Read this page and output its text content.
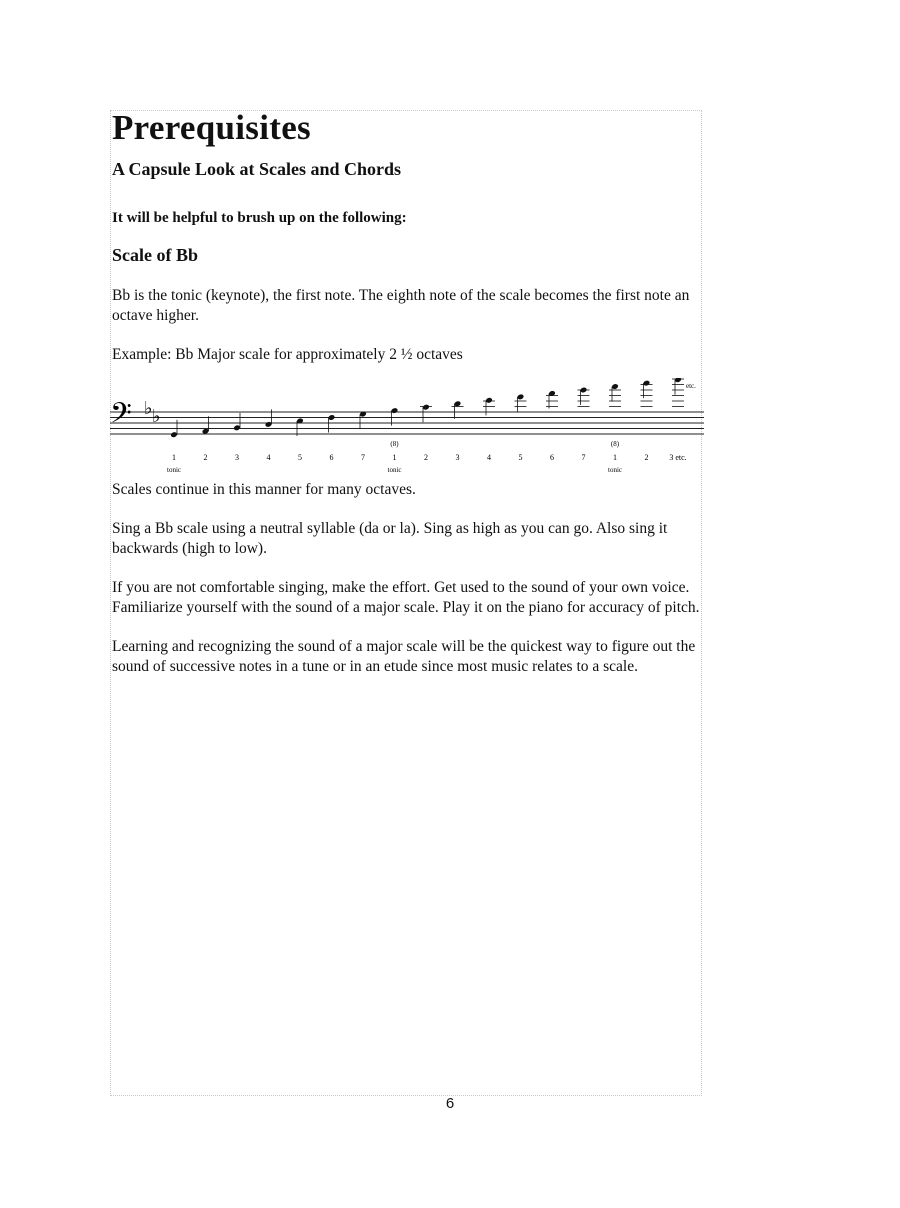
Prerequisites
A Capsule Look at Scales and Chords
It will be helpful to brush up on the following:
Scale of Bb

Bb is the tonic (keynote), the first note. The eighth note of the scale becomes the first note an octave higher.

Example: Bb Major scale for approximately 2 ½ octaves

𝄢 ♭ ♭
etc.
1	2	3	4	5	6	7	1	2	3	4	5	6	7	1	2	3 etc.
tonic	tonic	tonic
(8)	(8)

Scales continue in this manner for many octaves.

Sing a Bb scale using a neutral syllable (da or la). Sing as high as you can go. Also sing it backwards (high to low).

If you are not comfortable singing, make the effort. Get used to the sound of your own voice. Familiarize yourself with the sound of a major scale. Play it on the piano for accuracy of pitch.

Learning and recognizing the sound of a major scale will be the quickest way to figure out the sound of successive notes in a tune or in an etude since most music relates to a scale.

6
